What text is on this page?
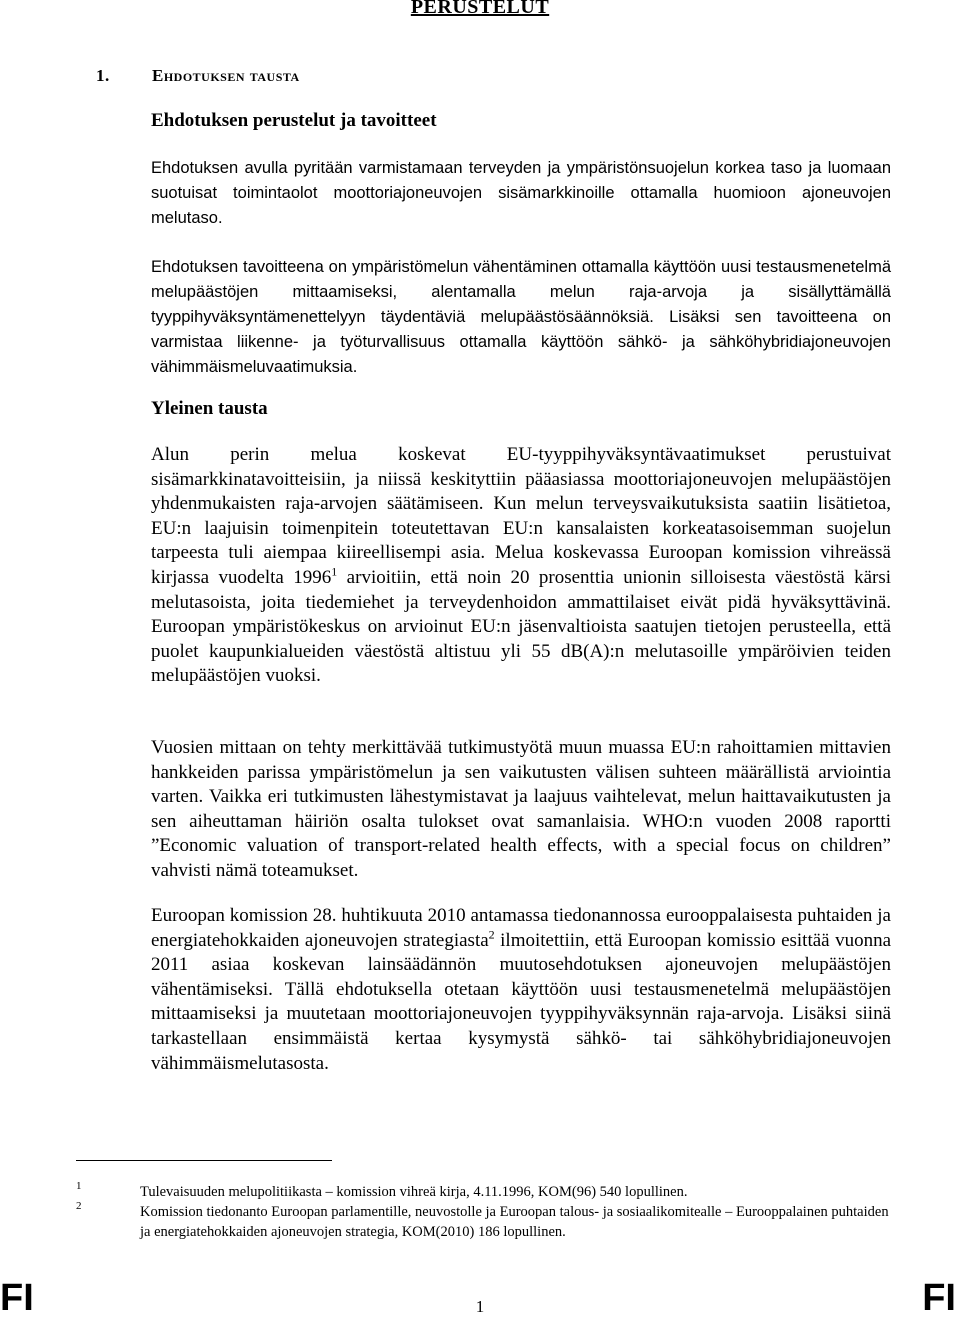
PERUSTELUT
1. Ehdotuksen tausta
Ehdotuksen perustelut ja tavoitteet

Ehdotuksen avulla pyritään varmistamaan terveyden ja ympäristönsuojelun korkea taso ja luomaan suotuisat toimintaolot moottoriajoneuvojen sisämarkkinoille ottamalla huomioon ajoneuvojen melutaso.

Ehdotuksen tavoitteena on ympäristömelun vähentäminen ottamalla käyttöön uusi testausmenetelmä melupäästöjen mittaamiseksi, alentamalla melun raja-arvoja ja sisällyttämällä tyyppihyväksyntämenettelyyn täydentäviä melupäästösäännöksiä. Lisäksi sen tavoitteena on varmistaa liikenne- ja työturvallisuus ottamalla käyttöön sähkö- ja sähköhybridiajoneuvojen vähimmäismeluvaatimuksia.

Yleinen tausta

Alun perin melua koskevat EU-tyyppihyväksyntävaatimukset perustuivat sisämarkkinatavoitteisiin, ja niissä keskityttiin pääasiassa moottoriajoneuvojen melupäästöjen yhdenmukaisten raja-arvojen säätämiseen. Kun melun terveysvaikutuksista saatiin lisätietoa, EU:n laajuisin toimenpitein toteutettavan EU:n kansalaisten korkeatasoisemman suojelun tarpeesta tuli aiempaa kiireellisempi asia. Melua koskevassa Euroopan komission vihreässä kirjassa vuodelta 1996$^1$ arvioitiin, että noin 20 prosenttia unionin silloisesta väestöstä kärsi melutasoista, joita tiedemiehet ja terveydenhoidon ammattilaiset eivät pidä hyväksyttävinä. Euroopan ympäristökeskus on arvioinut EU:n jäsenvaltioista saatujen tietojen perusteella, että puolet kaupunkialueiden väestöstä altistuu yli 55 dB(A):n melutasoille ympäröivien teiden melupäästöjen vuoksi.

Vuosien mittaan on tehty merkittävää tutkimustyötä muun muassa EU:n rahoittamien mittavien hankkeiden parissa ympäristömelun ja sen vaikutusten välisen suhteen määrällistä arviointia varten. Vaikka eri tutkimusten lähestymistavat ja laajuus vaihtelevat, melun haittavaikutusten ja sen aiheuttaman häiriön osalta tulokset ovat samanlaisia. WHO:n vuoden 2008 raportti ”Economic valuation of transport-related health effects, with a special focus on children” vahvisti nämä toteamukset.

Euroopan komission 28. huhtikuuta 2010 antamassa tiedonannossa eurooppalaisesta puhtaiden ja energiatehokkaiden ajoneuvojen strategiasta$^2$ ilmoitettiin, että Euroopan komissio esittää vuonna 2011 asiaa koskevan lainsäädännön muutosehdotuksen ajoneuvojen melupäästöjen vähentämiseksi. Tällä ehdotuksella otetaan käyttöön uusi testausmenetelmä melupäästöjen mittaamiseksi ja muutetaan moottoriajoneuvojen tyyppihyväksynnän raja-arvoja. Lisäksi siinä tarkastellaan ensimmäistä kertaa kysymystä sähkö- tai sähköhybridiajoneuvojen vähimmäismelutasosta.

1	Tulevaisuuden melupolitiikasta – komission vihreä kirja, 4.11.1996, KOM(96) 540 lopullinen.
2	Komission tiedonanto Euroopan parlamentille, neuvostolle ja Euroopan talous- ja sosiaalikomitealle – Eurooppalainen puhtaiden ja energiatehokkaiden ajoneuvojen strategia, KOM(2010) 186 lopullinen.
FI	1	FI
